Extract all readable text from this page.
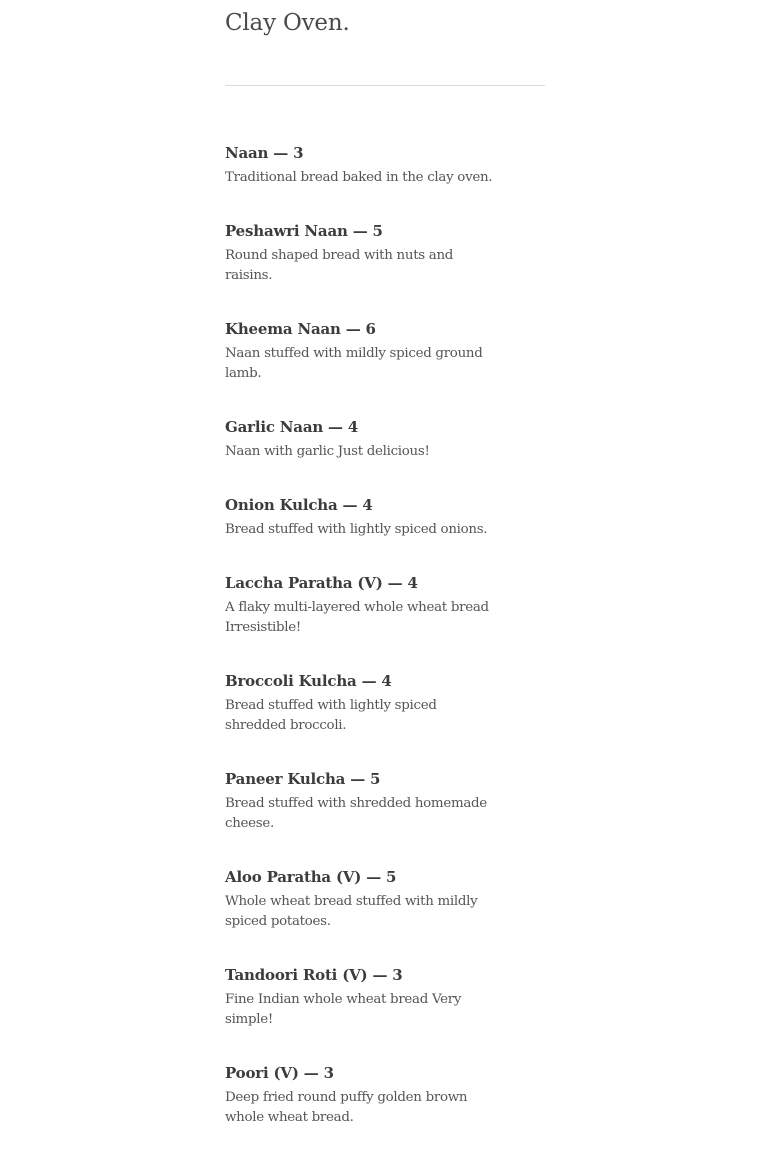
Clay Oven.
Naan — 3
Traditional bread baked in the clay oven.
Peshawri Naan — 5
Round shaped bread with nuts and raisins.
Kheema Naan — 6
Naan stuffed with mildly spiced ground lamb.
Garlic Naan — 4
Naan with garlic Just delicious!
Onion Kulcha — 4
Bread stuffed with lightly spiced onions.
Laccha Paratha (V) — 4
A flaky multi-layered whole wheat bread Irresistible!
Broccoli Kulcha — 4
Bread stuffed with lightly spiced shredded broccoli.
Paneer Kulcha — 5
Bread stuffed with shredded homemade cheese.
Aloo Paratha (V) — 5
Whole wheat bread stuffed with mildly spiced potatoes.
Tandoori Roti (V) — 3
Fine Indian whole wheat bread Very simple!
Poori (V) — 3
Deep fried round puffy golden brown whole wheat bread.
